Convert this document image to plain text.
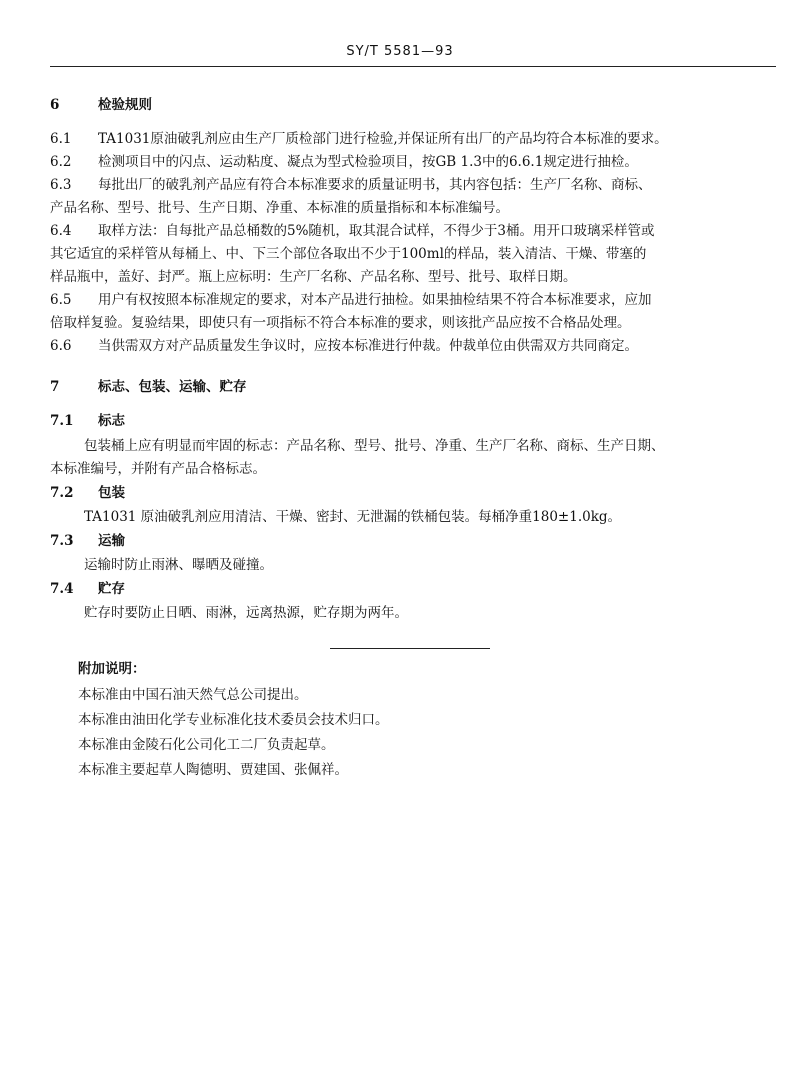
SY/T 5581—93
6	检验规则
6.1 TA1031原油破乳剂应由生产厂质检部门进行检验,并保证所有出厂的产品均符合本标准的要求。
6.2 检测项目中的闪点、运动粘度、凝点为型式检验项目，按GB 1.3中的6.6.1规定进行抽检。
6.3 每批出厂的破乳剂产品应有符合本标准要求的质量证明书，其内容包括：生产厂名称、商标、
产品名称、型号、批号、生产日期、净重、本标准的质量指标和本标准编号。
6.4 取样方法：自每批产品总桶数的5%随机，取其混合试样，不得少于3桶。用开口玻璃采样管或
其它适宜的采样管从每桶上、中、下三个部位各取出不少于100ml的样品，装入清洁、干燥、带塞的
样品瓶中，盖好、封严。瓶上应标明：生产厂名称、产品名称、型号、批号、取样日期。
6.5 用户有权按照本标准规定的要求，对本产品进行抽检。如果抽检结果不符合本标准要求，应加
倍取样复验。复验结果，即使只有一项指标不符合本标准的要求，则该批产品应按不合格品处理。
6.6 当供需双方对产品质量发生争议时，应按本标准进行仲裁。仲裁单位由供需双方共同商定。
7	标志、包装、运输、贮存
7.1 标志
包装桶上应有明显而牢固的标志：产品名称、型号、批号、净重、生产厂名称、商标、生产日期、
本标准编号，并附有产品合格标志。
7.2 包装
TA1031 原油破乳剂应用清洁、干燥、密封、无泄漏的铁桶包装。每桶净重180±1.0kg。
7.3 运输
运输时防止雨淋、曝晒及碰撞。
7.4 贮存
贮存时要防止日晒、雨淋，远离热源，贮存期为两年。
附加说明：
本标准由中国石油天然气总公司提出。
本标准由油田化学专业标准化技术委员会技术归口。
本标准由金陵石化公司化工二厂负责起草。
本标准主要起草人陶德明、贾建国、张佩祥。
